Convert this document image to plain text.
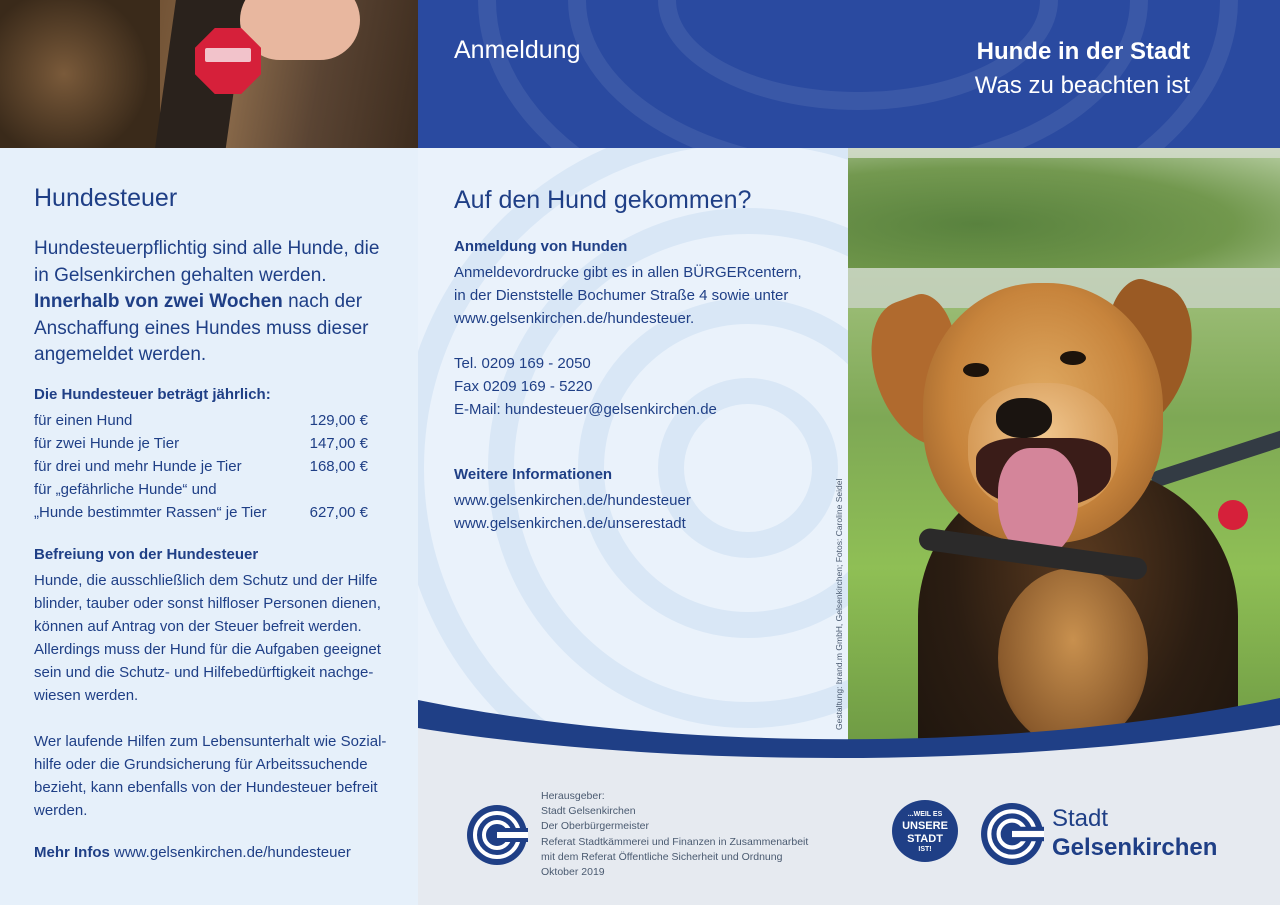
Hundesteuer
Hundesteuerpflichtig sind alle Hunde, die in Gelsenkirchen gehalten werden. Innerhalb von zwei Wochen nach der Anschaffung eines Hundes muss dieser angemeldet werden.
Die Hundesteuer beträgt jährlich:
für einen Hund	129,00 €
für zwei Hunde je Tier	147,00 €
für drei und mehr Hunde je Tier	168,00 €
für „gefährliche Hunde“ und
„Hunde bestimmter Rassen“ je Tier	627,00 €
Befreiung von der Hundesteuer
Hunde, die ausschließlich dem Schutz und der Hilfe blinder, tauber oder sonst hilfloser Personen dienen, können auf Antrag von der Steuer befreit werden. Allerdings muss der Hund für die Aufgaben geeignet sein und die Schutz- und Hilfebedürftigkeit nachge-wiesen werden.
Wer laufende Hilfen zum Lebensunterhalt wie Sozial-hilfe oder die Grundsicherung für Arbeitssuchende bezieht, kann ebenfalls von der Hundesteuer befreit werden.
Mehr Infos www.gelsenkirchen.de/hundesteuer
Anmeldung	Hunde in der Stadt
Was zu beachten ist
Auf den Hund gekommen?
Anmeldung von Hunden
Anmeldevordrucke gibt es in allen BÜRGERcentern,
in der Dienststelle Bochumer Straße 4 sowie unter
www.gelsenkirchen.de/hundesteuer.
Tel. 0209 169 - 2050
Fax 0209 169 - 5220
E-Mail: hundesteuer@gelsenkirchen.de
Weitere Informationen
www.gelsenkirchen.de/hundesteuer
www.gelsenkirchen.de/unserestadt	Gestaltung: brand.m GmbH, Gelsenkirchen; Fotos: Caroline Seidel
Herausgeber:
Stadt Gelsenkirchen
Der Oberbürgermeister
Referat Stadtkämmerei und Finanzen in Zusammenarbeit
mit dem Referat Öffentliche Sicherheit und Ordnung
Oktober 2019
...WEIL ES
UNSERE
STADT
IST!
Stadt
Gelsenkirchen
